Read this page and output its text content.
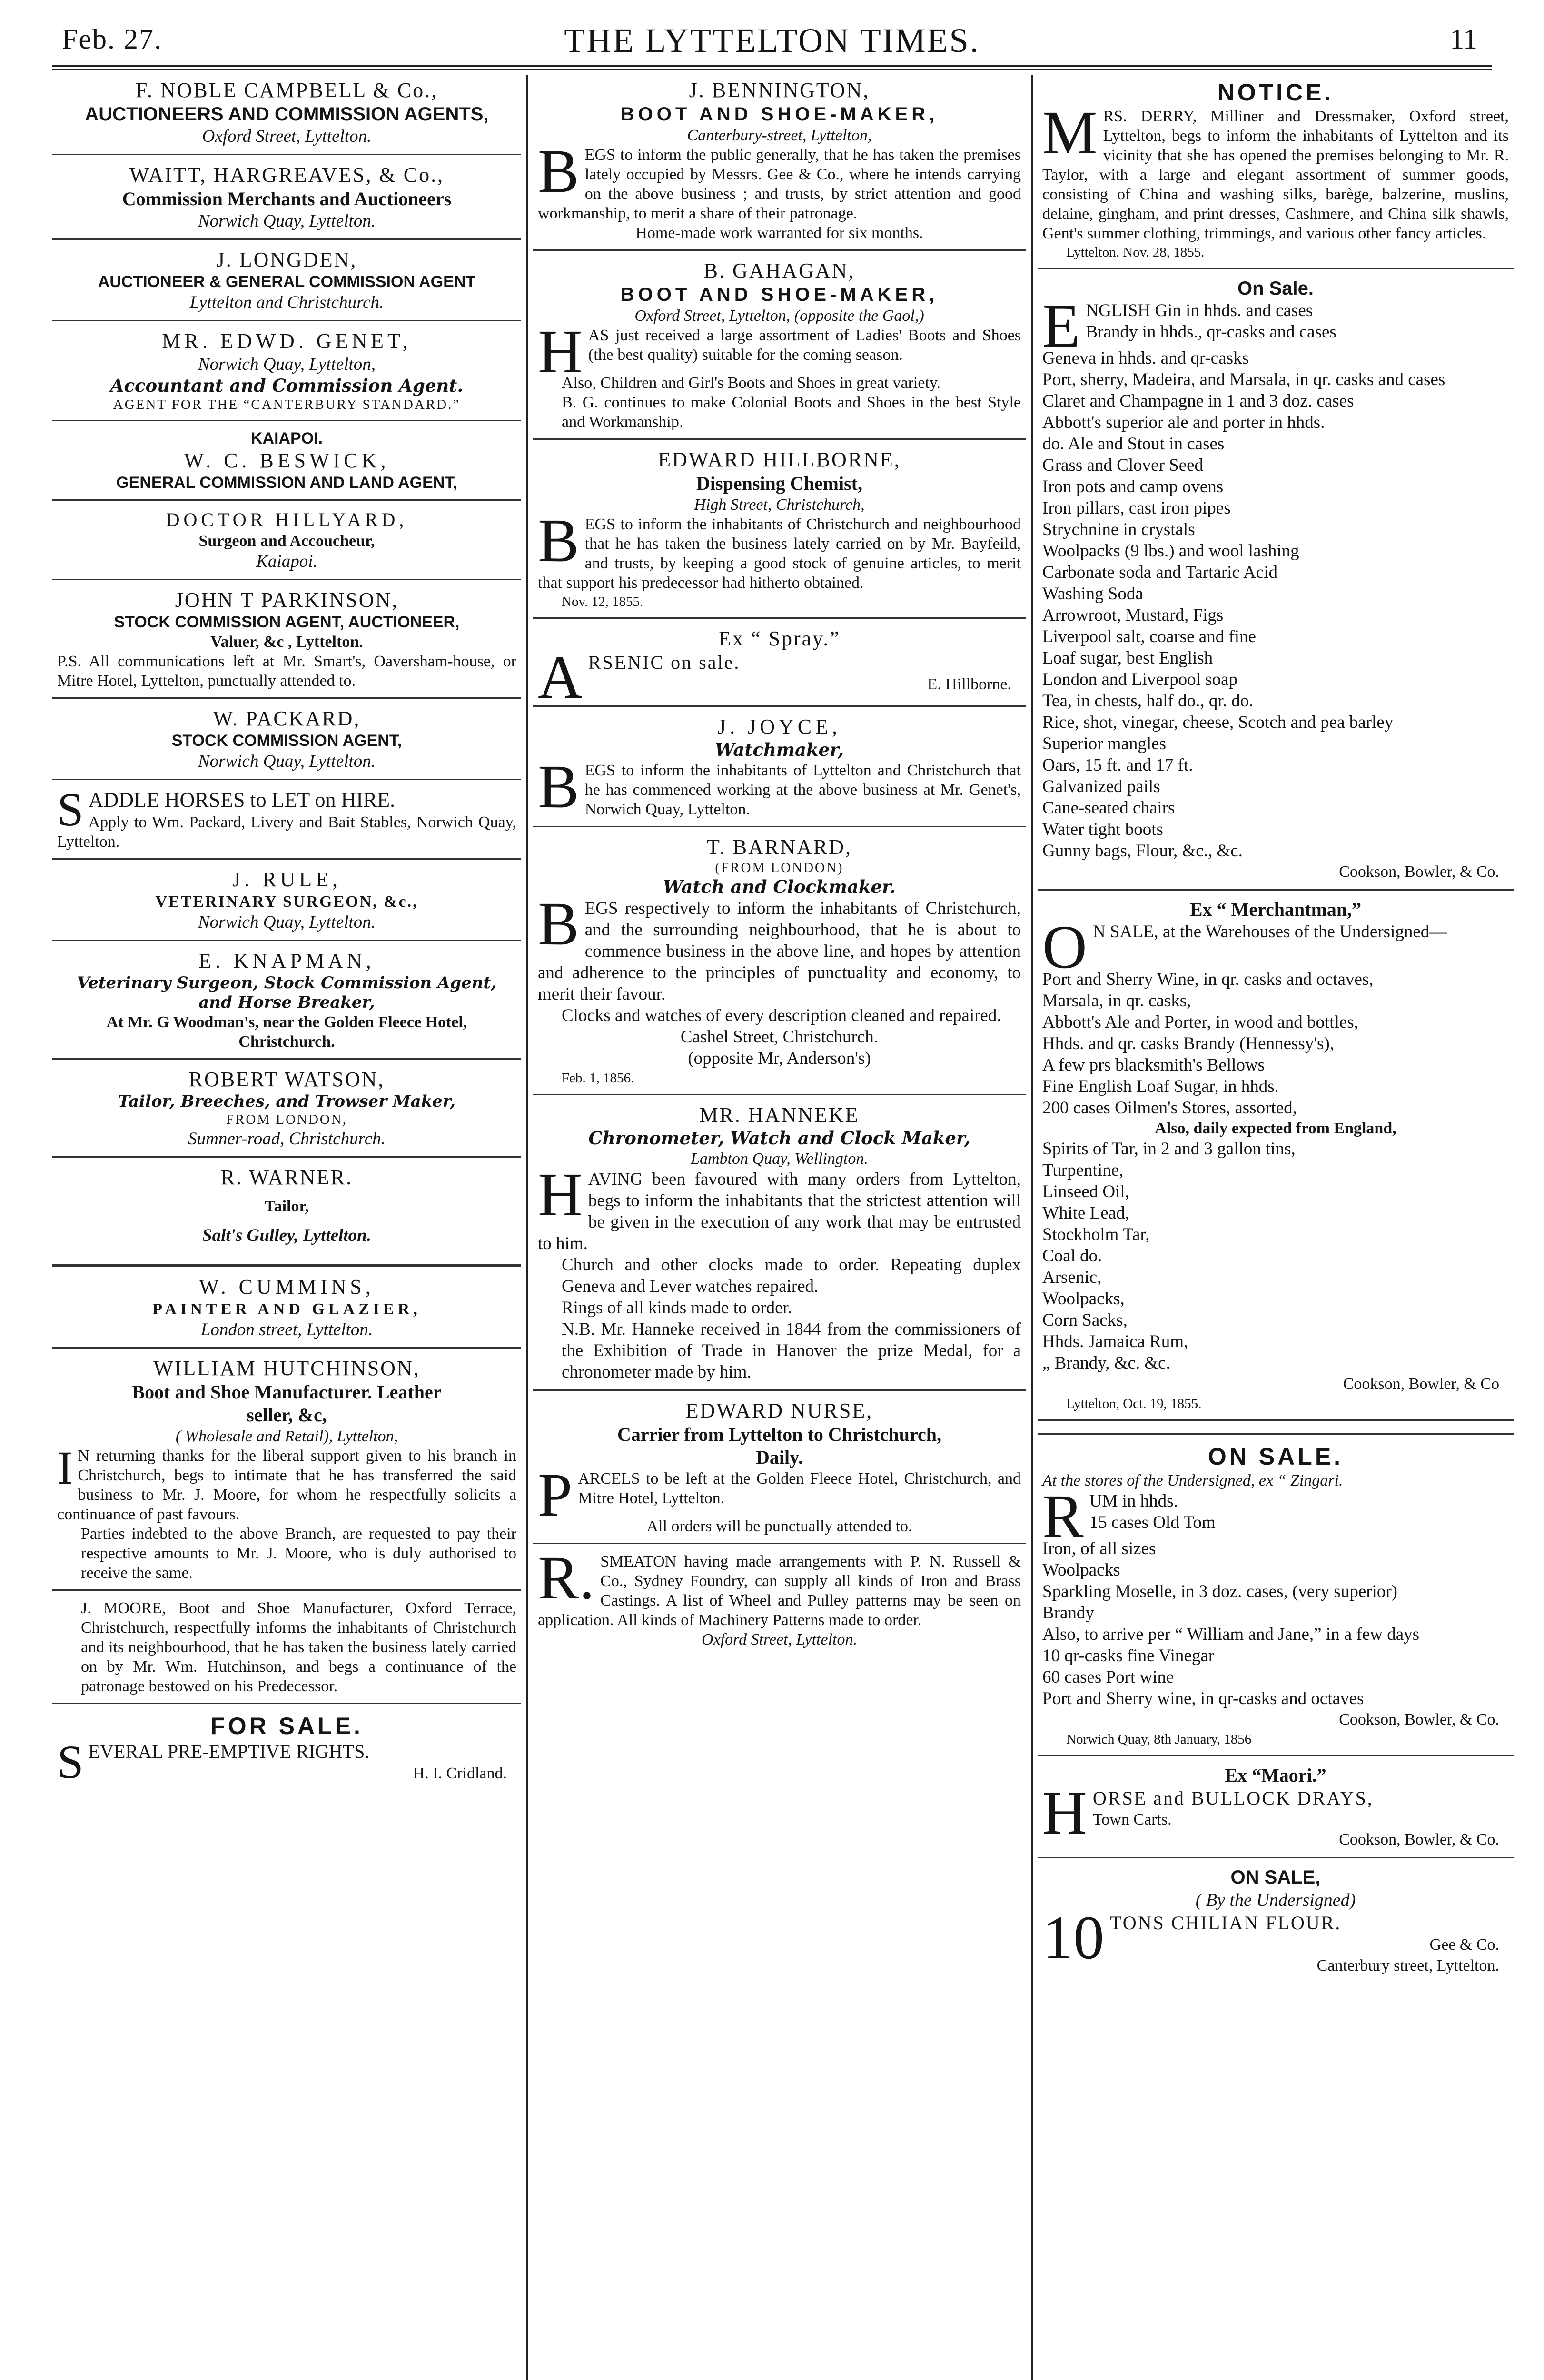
Feb. 27.	THE LYTTELTON TIMES.	11
F. NOBLE CAMPBELL & Co.,
AUCTIONEERS AND COMMISSION AGENTS,
Oxford Street, Lyttelton.
WAITT, HARGREAVES, & Co.,
Commission Merchants and Auctioneers
Norwich Quay, Lyttelton.
J. LONGDEN,
AUCTIONEER & GENERAL COMMISSION AGENT
Lyttelton and Christchurch.
MR. EDWD. GENET,
Norwich Quay, Lyttelton,
Accountant and Commission Agent.
AGENT FOR THE “CANTERBURY STANDARD.”
KAIAPOI.
W. C. BESWICK,
GENERAL COMMISSION AND LAND AGENT,
DOCTOR HILLYARD,
Surgeon and Accoucheur,
Kaiapoi.
JOHN T PARKINSON,
STOCK COMMISSION AGENT, AUCTIONEER,
Valuer, &c , Lyttelton.

P.S. All communications left at Mr. Smart's, Oaversham-house, or Mitre Hotel, Lyttelton, punctually attended to.

W. PACKARD,
STOCK COMMISSION AGENT,
Norwich Quay, Lyttelton.
S ADDLE HORSES to LET on HIRE.

Apply to Wm. Packard, Livery and Bait Stables, Norwich Quay, Lyttelton.

J. RULE,
VETERINARY SURGEON, &c.,
Norwich Quay, Lyttelton.
E. KNAPMAN,
Veterinary Surgeon, Stock Commission Agent,
and Horse Breaker,
At Mr. G Woodman's, near the Golden Fleece Hotel, Christchurch.
ROBERT WATSON,
Tailor, Breeches, and Trowser Maker,
FROM LONDON,
Sumner-road, Christchurch.
R. WARNER.
Tailor,
Salt's Gulley, Lyttelton.
W. CUMMINS,
PAINTER AND GLAZIER,
London street, Lyttelton.
WILLIAM HUTCHINSON,
Boot and Shoe Manufacturer. Leather
seller, &c,
( Wholesale and Retail), Lyttelton,
I N returning thanks for the liberal support given to his branch in Christchurch, begs to intimate that he has transferred the said business to Mr. J. Moore, for whom he respectfully solicits a continuance of past favours.

Parties indebted to the above Branch, are requested to pay their respective amounts to Mr. J. Moore, who is duly authorised to receive the same.

J. MOORE, Boot and Shoe Manufacturer, Oxford Terrace, Christchurch, respectfully informs the inhabitants of Christchurch and its neighbourhood, that he has taken the business lately carried on by Mr. Wm. Hutchinson, and begs a continuance of the patronage bestowed on his Predecessor.

FOR SALE.
S EVERAL PRE-EMPTIVE RIGHTS.
H. I. Cridland.
J. BENNINGTON,
BOOT AND SHOE-MAKER,
Canterbury-street, Lyttelton,
B EGS to inform the public generally, that he has taken the premises lately occupied by Messrs. Gee & Co., where he intends carrying on the above business ; and trusts, by strict attention and good workmanship, to merit a share of their patronage.

Home-made work warranted for six months.
B. GAHAGAN,
BOOT AND SHOE-MAKER,
Oxford Street, Lyttelton, (opposite the Gaol,)
H AS just received a large assortment of Ladies' Boots and Shoes (the best quality) suitable for the coming season.

Also, Children and Girl's Boots and Shoes in great variety.

B. G. continues to make Colonial Boots and Shoes in the best Style and Workmanship.

EDWARD HILLBORNE,
Dispensing Chemist,
High Street, Christchurch,
B EGS to inform the inhabitants of Christchurch and neighbourhood that he has taken the business lately carried on by Mr. Bayfeild, and trusts, by keeping a good stock of genuine articles, to merit that support his predecessor had hitherto obtained.

Nov. 12, 1855.
Ex “ Spray.”
A RSENIC on sale.
E. Hillborne.
J. JOYCE,
Watchmaker,
B EGS to inform the inhabitants of Lyttelton and Christchurch that he has commenced working at the above business at Mr. Genet's, Norwich Quay, Lyttelton.

T. BARNARD,
(FROM LONDON)
Watch and Clockmaker.
B EGS respectively to inform the inhabitants of Christchurch, and the surrounding neighbourhood, that he is about to commence business in the above line, and hopes by attention and adherence to the principles of punctuality and economy, to merit their favour.

Clocks and watches of every description cleaned and repaired.

Cashel Street, Christchurch.
(opposite Mr, Anderson's)
Feb. 1, 1856.
MR. HANNEKE
Chronometer, Watch and Clock Maker,
Lambton Quay, Wellington.
H AVING been favoured with many orders from Lyttelton, begs to inform the inhabitants that the strictest attention will be given in the execution of any work that may be entrusted to him.

Church and other clocks made to order. Repeating duplex Geneva and Lever watches repaired.

Rings of all kinds made to order.

N.B. Mr. Hanneke received in 1844 from the commissioners of the Exhibition of Trade in Hanover the prize Medal, for a chronometer made by him.

EDWARD NURSE,
Carrier from Lyttelton to Christchurch,
Daily.
P ARCELS to be left at the Golden Fleece Hotel, Christchurch, and Mitre Hotel, Lyttelton.

All orders will be punctually attended to.
R. SMEATON having made arrangements with P. N. Russell & Co., Sydney Foundry, can supply all kinds of Iron and Brass Castings. A list of Wheel and Pulley patterns may be seen on application. All kinds of Machinery Patterns made to order.

Oxford Street, Lyttelton.
NOTICE.
M RS. DERRY, Milliner and Dressmaker, Oxford street, Lyttelton, begs to inform the inhabitants of Lyttelton and its vicinity that she has opened the premises belonging to Mr. R. Taylor, with a large and elegant assortment of summer goods, consisting of China and washing silks, barège, balzerine, muslins, delaine, gingham, and print dresses, Cashmere, and China silk shawls, Gent's summer clothing, trimmings, and various other fancy articles.

Lyttelton, Nov. 28, 1855.
On Sale.
E NGLISH Gin in hhds. and cases
Brandy in hhds., qr-casks and cases
Geneva in hhds. and qr-casks
Port, sherry, Madeira, and Marsala, in qr. casks and cases
Claret and Champagne in 1 and 3 doz. cases
Abbott's superior ale and porter in hhds.
do. Ale and Stout in cases
Grass and Clover Seed
Iron pots and camp ovens
Iron pillars, cast iron pipes
Strychnine in crystals
Woolpacks (9 lbs.) and wool lashing
Carbonate soda and Tartaric Acid
Washing Soda
Arrowroot, Mustard, Figs
Liverpool salt, coarse and fine
Loaf sugar, best English
London and Liverpool soap
Tea, in chests, half do., qr. do.
Rice, shot, vinegar, cheese, Scotch and pea barley
Superior mangles
Oars, 15 ft. and 17 ft.
Galvanized pails
Cane-seated chairs
Water tight boots
Gunny bags, Flour, &c., &c.
Cookson, Bowler, & Co.
Ex “ Merchantman,”
O N SALE, at the Warehouses of the Undersigned—
Port and Sherry Wine, in qr. casks and octaves,
Marsala, in qr. casks,
Abbott's Ale and Porter, in wood and bottles,
Hhds. and qr. casks Brandy (Hennessy's),
A few prs blacksmith's Bellows
Fine English Loaf Sugar, in hhds.
200 cases Oilmen's Stores, assorted,
Also, daily expected from England,
Spirits of Tar, in 2 and 3 gallon tins,
Turpentine,
Linseed Oil,
White Lead,
Stockholm Tar,
Coal do.
Arsenic,
Woolpacks,
Corn Sacks,
Hhds. Jamaica Rum,
„ Brandy, &c. &c.
Cookson, Bowler, & Co
Lyttelton, Oct. 19, 1855.
ON SALE.
At the stores of the Undersigned, ex “ Zingari.
R UM in hhds.
15 cases Old Tom
Iron, of all sizes
Woolpacks
Sparkling Moselle, in 3 doz. cases, (very superior)
Brandy
Also, to arrive per “ William and Jane,” in a few days
10 qr-casks fine Vinegar
60 cases Port wine
Port and Sherry wine, in qr-casks and octaves
Cookson, Bowler, & Co.
Norwich Quay, 8th January, 1856
Ex “Maori.”
H ORSE and BULLOCK DRAYS,
Town Carts.
Cookson, Bowler, & Co.
ON SALE,
( By the Undersigned)
10 TONS CHILIAN FLOUR.
Gee & Co.
Canterbury street, Lyttelton.
